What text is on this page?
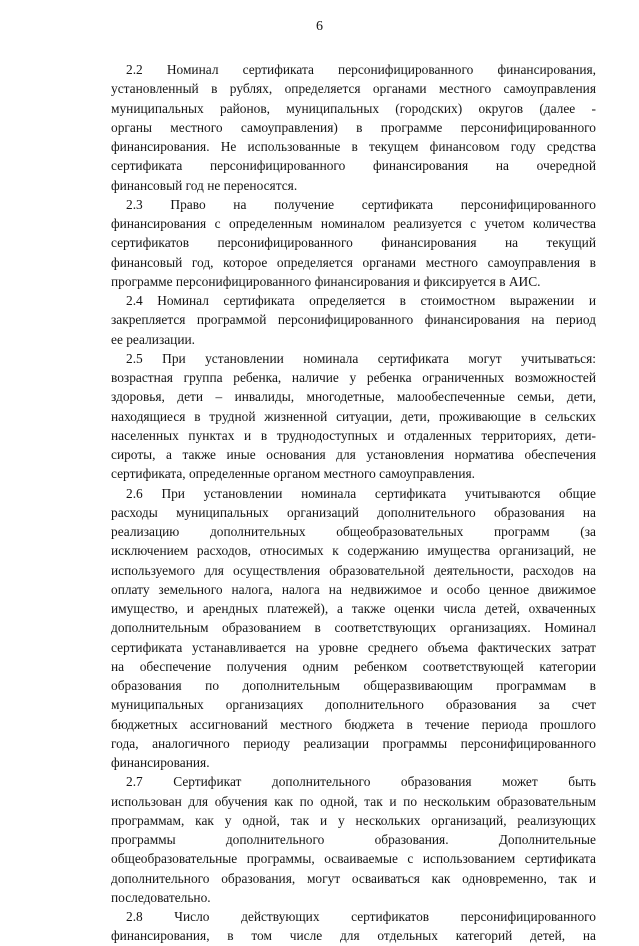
6
2.2 Номинал сертификата персонифицированного финансирования,
установленный в рублях, определяется органами местного самоуправления
муниципальных районов, муниципальных (городских) округов (далее -
органы местного самоуправления) в программе персонифицированного
финансирования. Не использованные в текущем финансовом году средства
сертификата персонифицированного финансирования на очередной
финансовый год не переносятся.
2.3 Право на получение сертификата персонифицированного
финансирования с определенным номиналом реализуется с учетом количества
сертификатов персонифицированного финансирования на текущий
финансовый год, которое определяется органами местного самоуправления в
программе персонифицированного финансирования и фиксируется в АИС.
2.4 Номинал сертификата определяется в стоимостном выражении и
закрепляется программой персонифицированного финансирования на период
ее реализации.
2.5 При установлении номинала сертификата могут учитываться:
возрастная группа ребенка, наличие у ребенка ограниченных возможностей
здоровья, дети – инвалиды, многодетные, малообеспеченные семьи, дети,
находящиеся в трудной жизненной ситуации, дети, проживающие в сельских
населенных пунктах и в труднодоступных и отдаленных территориях, дети-
сироты, а также иные основания для установления норматива обеспечения
сертификата, определенные органом местного самоуправления.
2.6 При установлении номинала сертификата учитываются общие
расходы муниципальных организаций дополнительного образования на
реализацию дополнительных общеобразовательных программ (за
исключением расходов, относимых к содержанию имущества организаций, не
используемого для осуществления образовательной деятельности, расходов на
оплату земельного налога, налога на недвижимое и особо ценное движимое
имущество, и арендных платежей), а также оценки числа детей, охваченных
дополнительным образованием в соответствующих организациях. Номинал
сертификата устанавливается на уровне среднего объема фактических затрат
на обеспечение получения одним ребенком соответствующей категории
образования по дополнительным общеразвивающим программам в
муниципальных организациях дополнительного образования за счет
бюджетных ассигнований местного бюджета в течение периода прошлого
года, аналогичного периоду реализации программы персонифицированного
финансирования.
2.7 Сертификат дополнительного образования может быть
использован для обучения как по одной, так и по нескольким образовательным
программам, как у одной, так и у нескольких организаций, реализующих
программы дополнительного образования. Дополнительные
общеобразовательные программы, осваиваемые с использованием сертификата
дополнительного образования, могут осваиваться как одновременно, так и
последовательно.
2.8 Число действующих сертификатов персонифицированного
финансирования, в том числе для отдельных категорий детей, на
